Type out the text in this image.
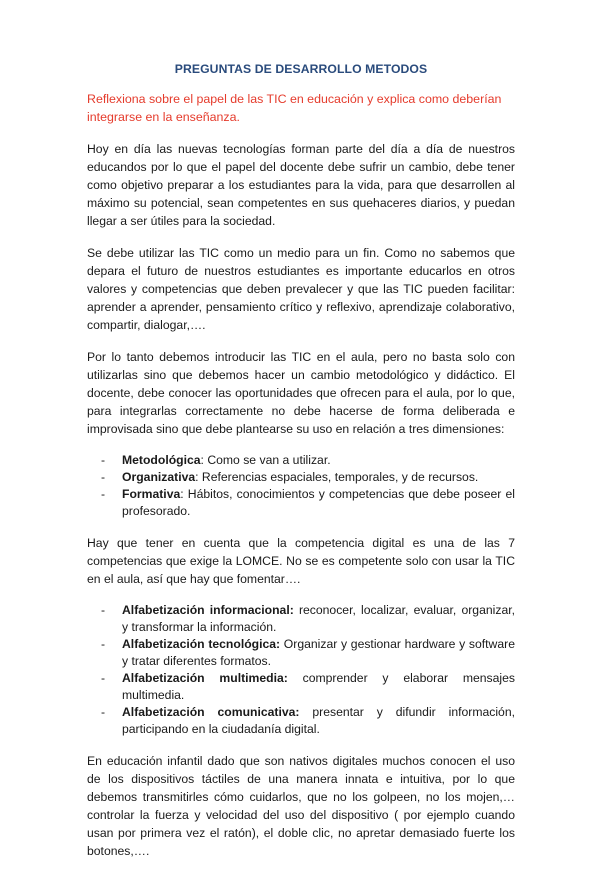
PREGUNTAS DE DESARROLLO METODOS
Reflexiona sobre el papel de las TIC en educación y explica como deberían integrarse en la enseñanza.

Hoy en día las nuevas tecnologías forman parte del día a día de nuestros educandos por lo que el papel del docente debe sufrir un cambio, debe tener como objetivo preparar a los estudiantes para la vida, para que desarrollen al máximo su potencial, sean competentes en sus quehaceres diarios, y puedan llegar a ser útiles para la sociedad.

Se debe utilizar las TIC como un medio para un fin. Como no sabemos que depara el futuro de nuestros estudiantes es importante educarlos en otros valores y competencias que deben prevalecer y que las TIC pueden facilitar: aprender a aprender, pensamiento crítico y reflexivo, aprendizaje colaborativo, compartir, dialogar,….

Por lo tanto debemos introducir las TIC en el aula, pero no basta solo con utilizarlas sino que debemos hacer un cambio metodológico y didáctico. El docente, debe conocer las oportunidades que ofrecen para el aula, por lo que, para integrarlas correctamente no debe hacerse de forma deliberada e improvisada sino que debe plantearse su uso en relación a tres dimensiones:

- Metodológica: Como se van a utilizar.
- Organizativa: Referencias espaciales, temporales, y de recursos.
- Formativa: Hábitos, conocimientos y competencias que debe poseer el profesorado.

Hay que tener en cuenta que la competencia digital es una de las 7 competencias que exige la LOMCE. No se es competente solo con usar la TIC en el aula, así que hay que fomentar….

- Alfabetización informacional: reconocer, localizar, evaluar, organizar, y transformar la información.
- Alfabetización tecnológica: Organizar y gestionar hardware y software y tratar diferentes formatos.
- Alfabetización multimedia: comprender y elaborar mensajes multimedia.
- Alfabetización comunicativa: presentar y difundir información, participando en la ciudadanía digital.

En educación infantil dado que son nativos digitales muchos conocen el uso de los dispositivos táctiles de una manera innata e intuitiva, por lo que debemos transmitirles cómo cuidarlos, que no los golpeen, no los mojen,… controlar la fuerza y velocidad del uso del dispositivo ( por ejemplo cuando usan por primera vez el ratón), el doble clic, no apretar demasiado fuerte los botones,….
